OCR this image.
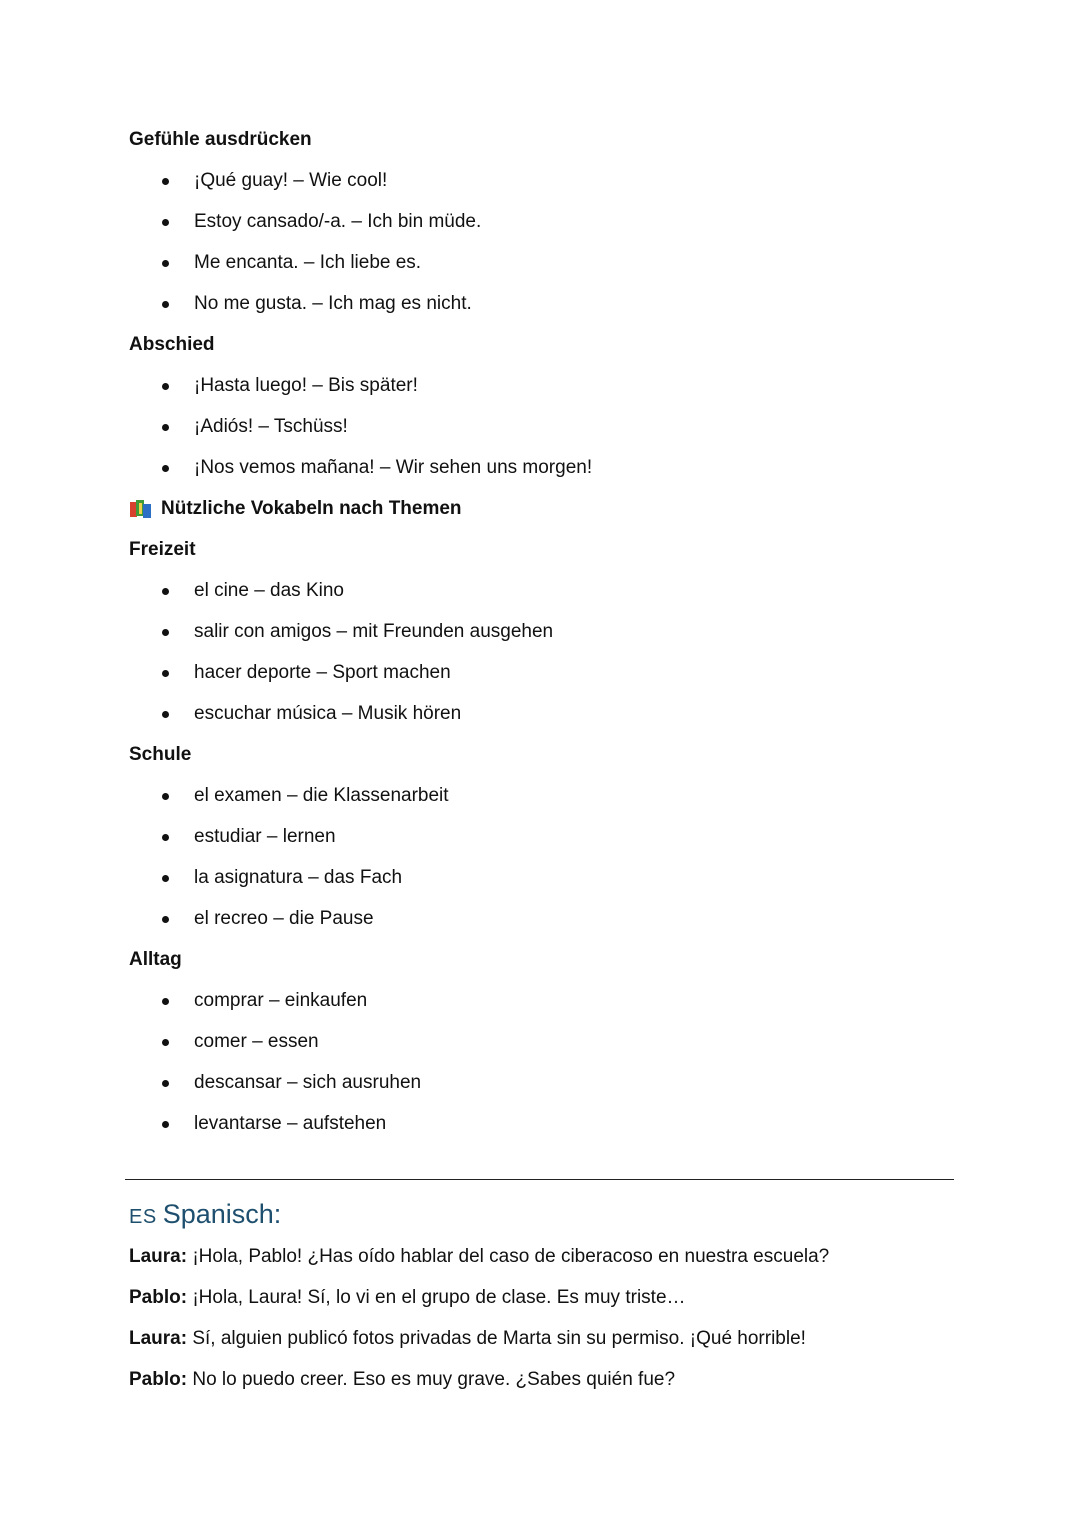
Gefühle ausdrücken
¡Qué guay! – Wie cool!
Estoy cansado/-a. – Ich bin müde.
Me encanta. – Ich liebe es.
No me gusta. – Ich mag es nicht.
Abschied
¡Hasta luego! – Bis später!
¡Adiós! – Tschüss!
¡Nos vemos mañana! – Wir sehen uns morgen!
Nützliche Vokabeln nach Themen
Freizeit
el cine – das Kino
salir con amigos – mit Freunden ausgehen
hacer deporte – Sport machen
escuchar música – Musik hören
Schule
el examen – die Klassenarbeit
estudiar – lernen
la asignatura – das Fach
el recreo – die Pause
Alltag
comprar – einkaufen
comer – essen
descansar – sich ausruhen
levantarse – aufstehen
ES Spanisch:
Laura: ¡Hola, Pablo! ¿Has oído hablar del caso de ciberacoso en nuestra escuela?
Pablo: ¡Hola, Laura! Sí, lo vi en el grupo de clase. Es muy triste…
Laura: Sí, alguien publicó fotos privadas de Marta sin su permiso. ¡Qué horrible!
Pablo: No lo puedo creer. Eso es muy grave. ¿Sabes quién fue?
